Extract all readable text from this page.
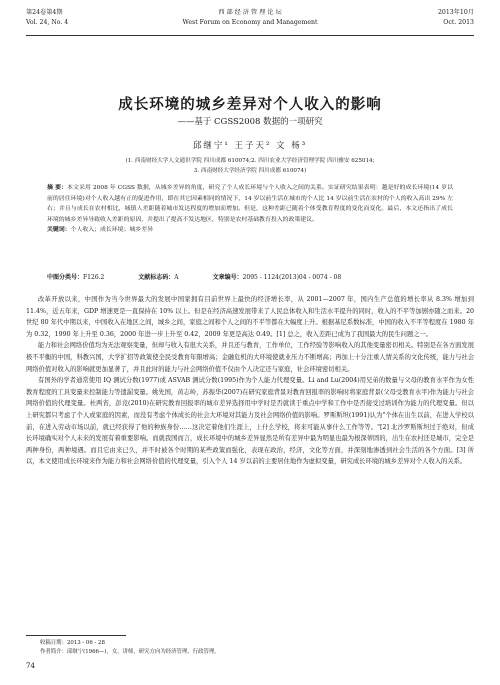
第24卷第4期
Vol. 24, No. 4
西 部 经 济 管 理 论 坛
West Forum on Economy and Management
2013年10月
Oct. 2013
成长环境的城乡差异对个人收入的影响
——基于 CGSS2008 数据的一项研究
邱继宁¹ 王子天² 文 杨³
(1. 西南财经大学人文通识学院 四川成都 610074;2. 四川农业大学经济管理学院 四川雅安 625014;
3. 西南财经大学经济学院 四川成都 610074)
摘 要：本文采用 2008 年 CGSS 数据，从城乡差异的角度，研究了个人成长环境与个人收入之间的关系。实证研究结果表明：越是好的成长环境(14 岁以前的居住环境)对个人收入越有正的促进作用，即在其它因素相同的情况下，14 岁以前生活在城市的个人比 14 岁以前生活在农村的个人的收入高出 29% 左右；并且与成长在农村相比，城镇人差距随着城市发达程度的增加而增加。但是，这种差距已随着个体受教育程度的变化而变化。最后，本文还指出了成长环境的城乡差异导致收入差距的原因，并提出了提高不发达地区，特别是农村基础教育投入的政策建议。
关键词：个人收入；成长环境；城乡差异
中图分类号：F126.2	文献标志码：A	文章编号：2095 - 1124(2013)04 - 0074 - 08

改革开放以来，中国作为当今世界最大的发展中国家拥有目前世界上最快的经济增长率，从 2001—2007 年，国内生产总值的增长率从 8.3% 增加到 11.4%，近五年来，GDP 增速更是一直保持在 10% 以上。但是在经济高速发展带来了人民总体收入和生活水平提升的同时，收入的不平等加剧亦随之而来。20 世纪 80 年代中期以来，中国收入在地区之间，城乡之间，家庭之间和个人之间的不平等都在大幅度上升。根据基尼系数标准，中国的收入不平等程度在 1980 年为 0.32，1990 年上升至 0.36，2000 年进一步上升至 0.42，2009 年更是高达 0.49。[1] 总之，收入差距已成为了我国最大的民生问题之一。

能力和社会网络价值均为无法观察变量，但却与收入有很大关系，并且还与教育，工作单位，工作经验等影响收入的其他变量密切相关。特别是在各方面发展极不平衡的中国，科教兴国，大学扩招等政策使全民受教育年限增高；金融危机的大环境使就业压力不断增高；再加上十分注重人情关系的文化传统，能力与社会网络价值对收入的影响就更加显著了，并且此时的能力与社会网络价值不仅由个人决定还与家庭，社会环境密切相关。

有国外的学者通常使用 IQ 测试分数(1977)或 ASVAB 测试分数(1995)作为个人能力代理变量。Li and Lu(2004)用兄弟的数量与父母的教育水平作为女性教育程度的工具变量来控制能力等遗漏变量。姚先国，黄志岭，苏振华(2007)在研究家庭背景对教育回报率的影响时将家庭背景(父母受教育水平)作为能力与社会网络价值的代理变量。杜两省，彭竞(2010)在研究教育回报率的城市差异选择用中学时是否就读于重点中学和工作中是否接受过培训作为能力的代理变量。但以上研究都只考虑了个人或家庭的因素，而没有考虑个体成长的社会大环境对其能力及社会网络价值的影响。罗斯斯坦(1991)认为"个体在出生以前，在进入学校以前，在进入劳动市场以前，就已经获得了他的种族身份……这决定着他们生涯上，上什么学校，将来可能从事什么工作等等。"[2] 北沙罗斯斯坦过于绝对，但成长环境确实对个人未来的发展有着重要影响。而就我国而言，成长环境中的城乡差异显然是所有差异中最为明显也最为根深蒂固的，出生在农村还是城市，完全是两种身份，两种境遇。而且它由来已久，并不时被各个时期的某些政策而强化，表现在政治，经济，文化等方面，并深刻地渗透到社会生活的各个方面。[3] 所以，本文使用成长环境来作为能力和社会网络价值的代理变量，引入个人 14 岁以前的主要居住地作为虚拟变量，研究成长环境的城乡差异对个人收入的关系。

收稿日期：2013 - 06 - 28
作者简介：邱继宁(1966—)，女，讲师，研究方向为经济管理、行政管理。
74
